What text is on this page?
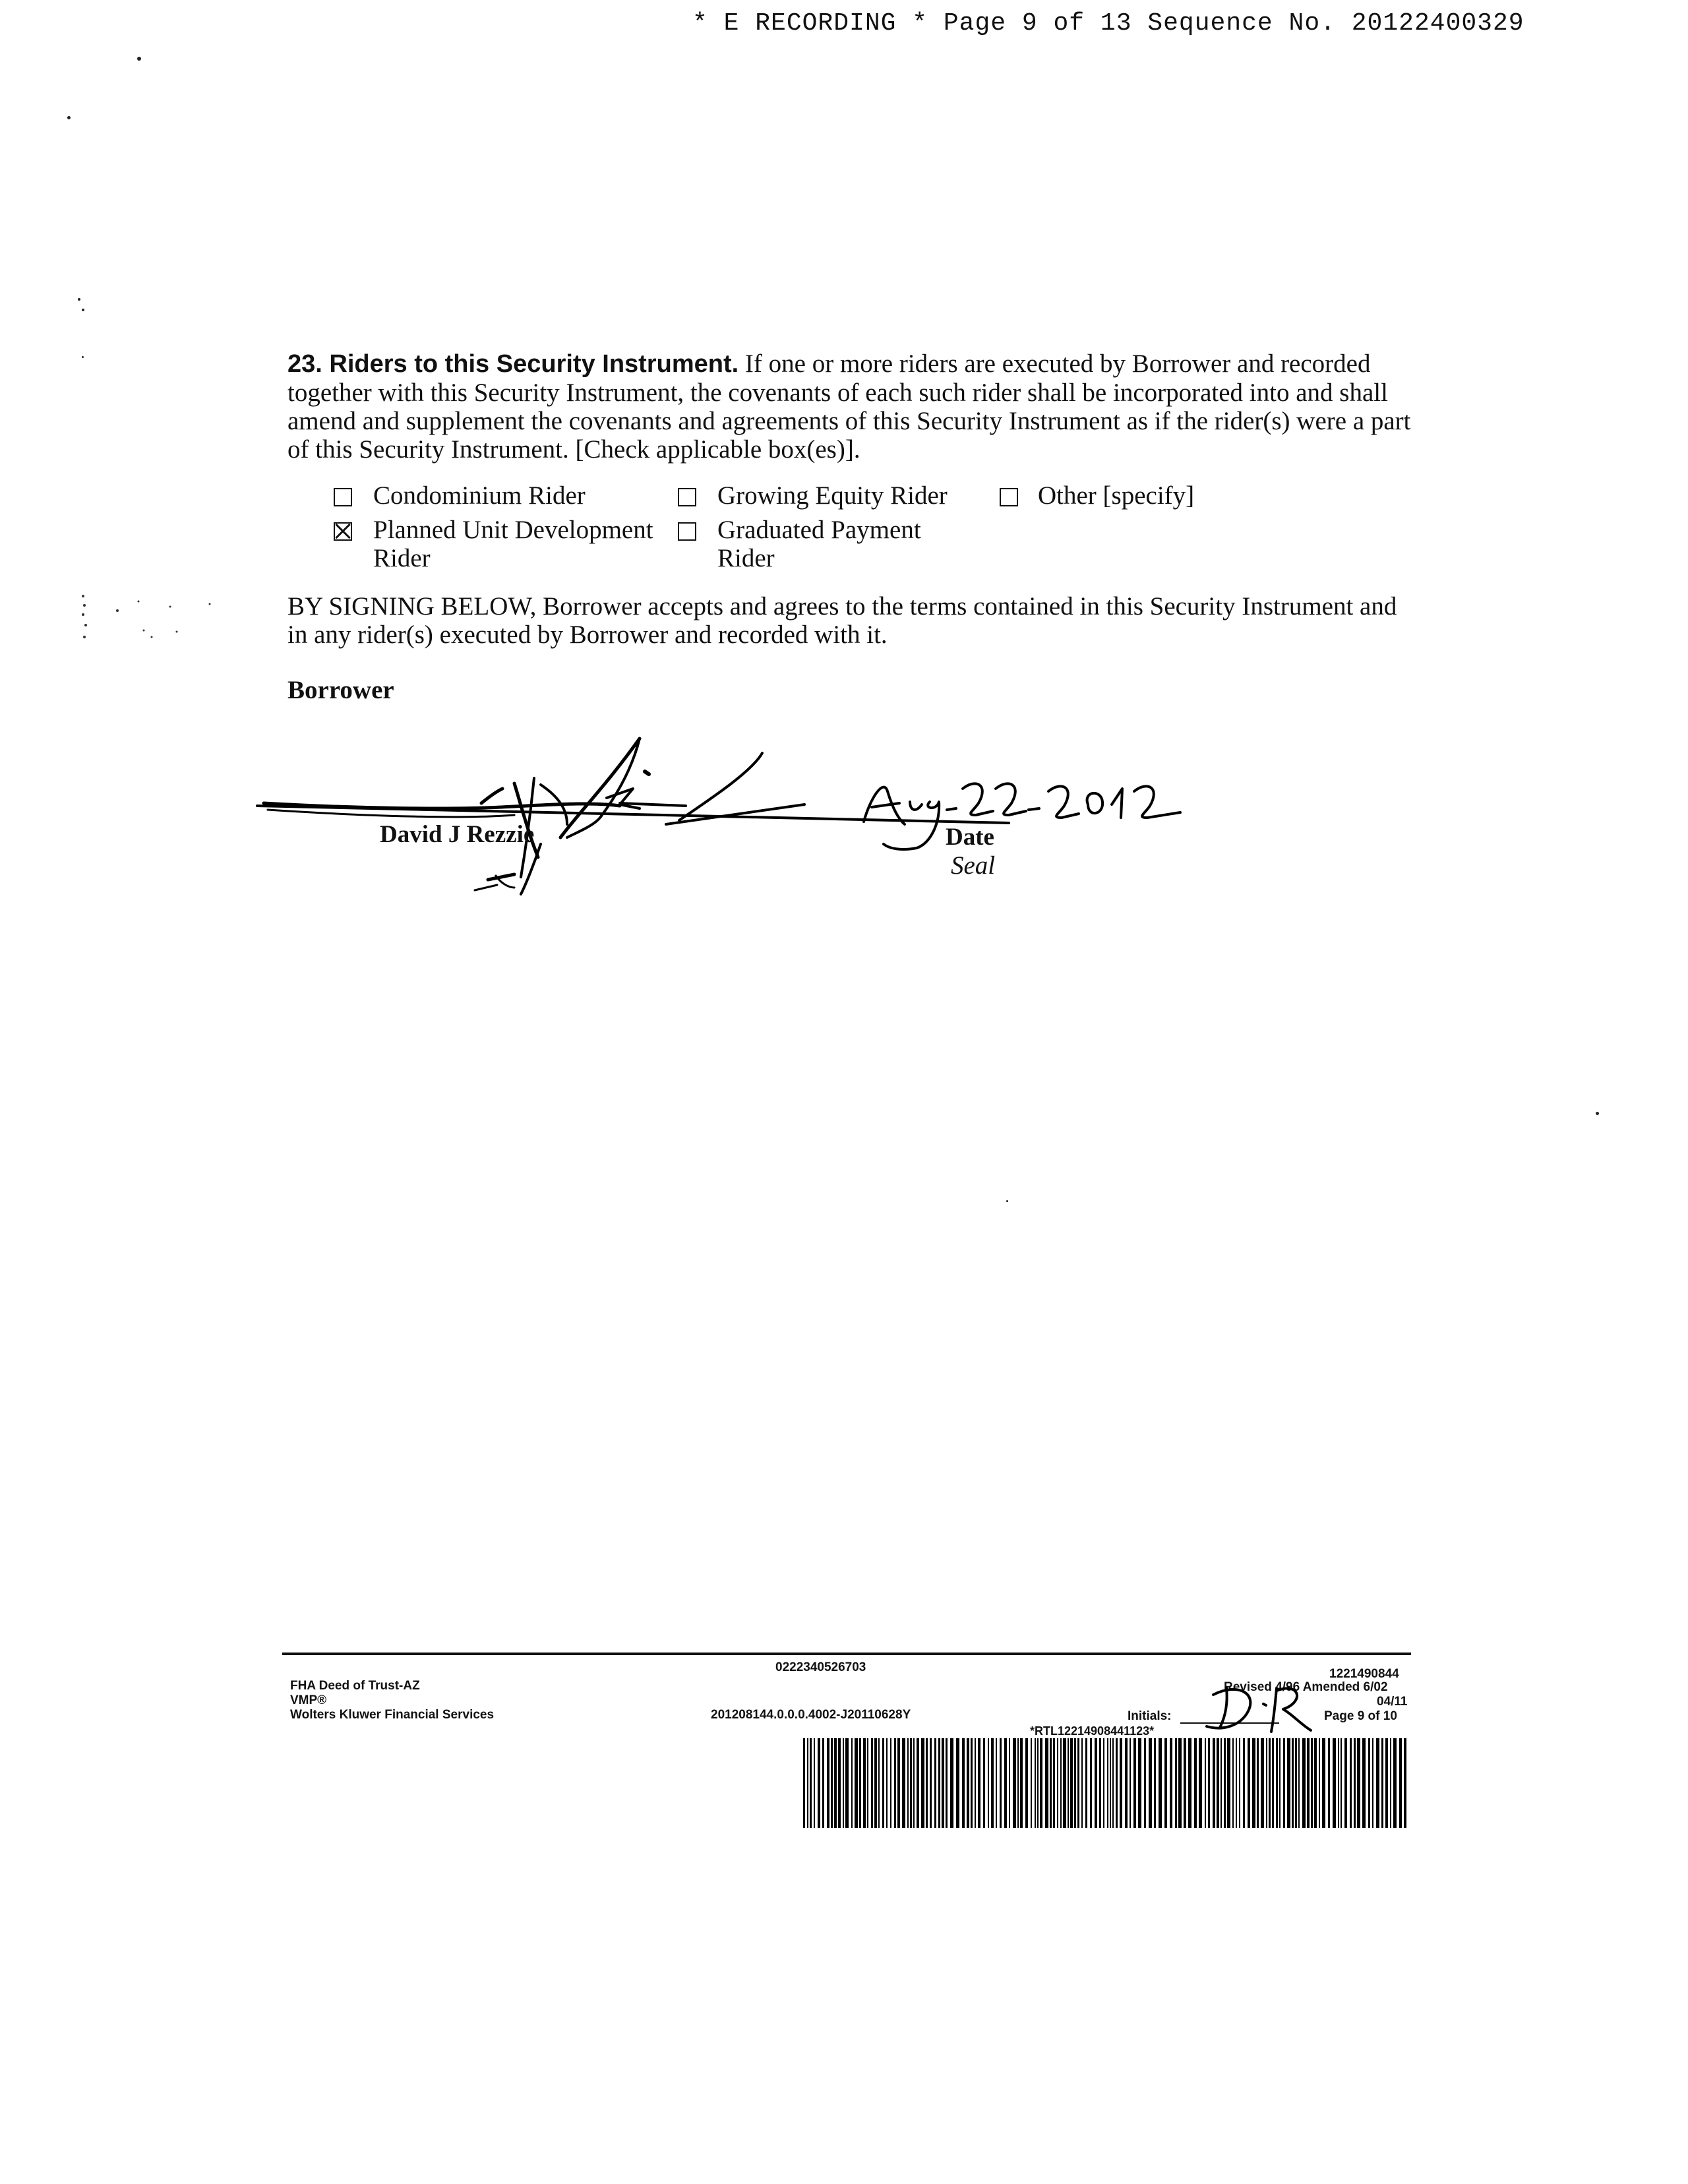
* E RECORDING * Page 9 of 13 Sequence No. 20122400329
23. Riders to this Security Instrument. If one or more riders are executed by Borrower and recorded together with this Security Instrument, the covenants of each such rider shall be incorporated into and shall amend and supplement the covenants and agreements of this Security Instrument as if the rider(s) were a part of this Security Instrument. [Check applicable box(es)].
Condominium Rider	Growing Equity Rider	Other [specify]
Planned Unit Development
Rider
Graduated Payment
Rider
BY SIGNING BELOW, Borrower accepts and agrees to the terms contained in this Security Instrument and in any rider(s) executed by Borrower and recorded with it.
Borrower
David J Rezzie	Date
Seal
FHA Deed of Trust-AZ
VMP®
Wolters Kluwer Financial Services
0222340526703
201208144.0.0.0.4002-J20110628Y
1221490844
Revised 4/96 Amended 6/02
04/11
Initials:	Page 9 of 10
*RTL12214908441123*
